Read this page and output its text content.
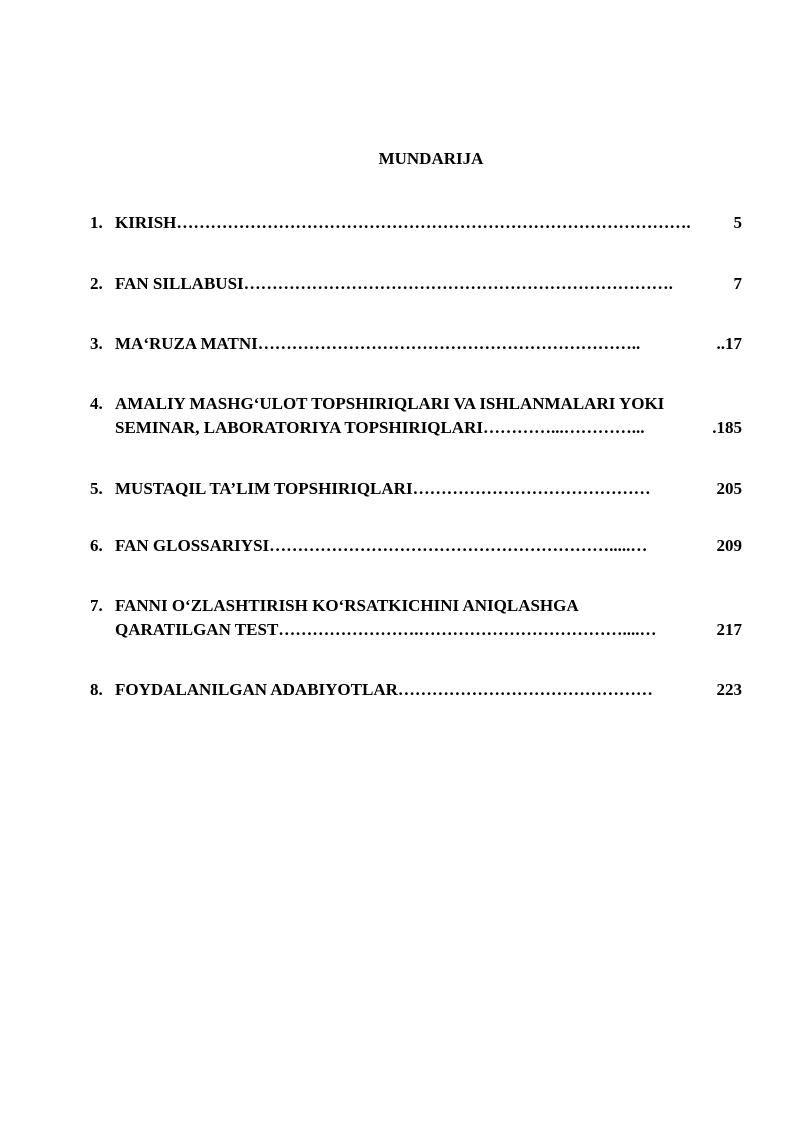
MUNDARIJA
1. KIRISH ……………………………………………………………………………….	5
2. FAN SILLABUSI ………………………………………………………………….	7
3. MA‘RUZA MATNI …………………………………………………………..	..17
4. AMALIY MASHG‘ULOT TOPSHIRIQLARI VA ISHLANMALARI YOKI
SEMINAR, LABORATORIYA TOPSHIRIQLARI …………...…………...	.185
5. MUSTAQIL TA’LIM TOPSHIRIQLARI ……………………………………	205
6. FAN GLOSSARIYSI …………………………………………………….....…	209
7. FANNI O‘ZLASHTIRISH KO‘RSATKICHINI ANIQLASHGA
QARATILGAN TEST …………………….………………………………....…	217
8. FOYDALANILGAN ADABIYOTLAR ………………………………………	223
